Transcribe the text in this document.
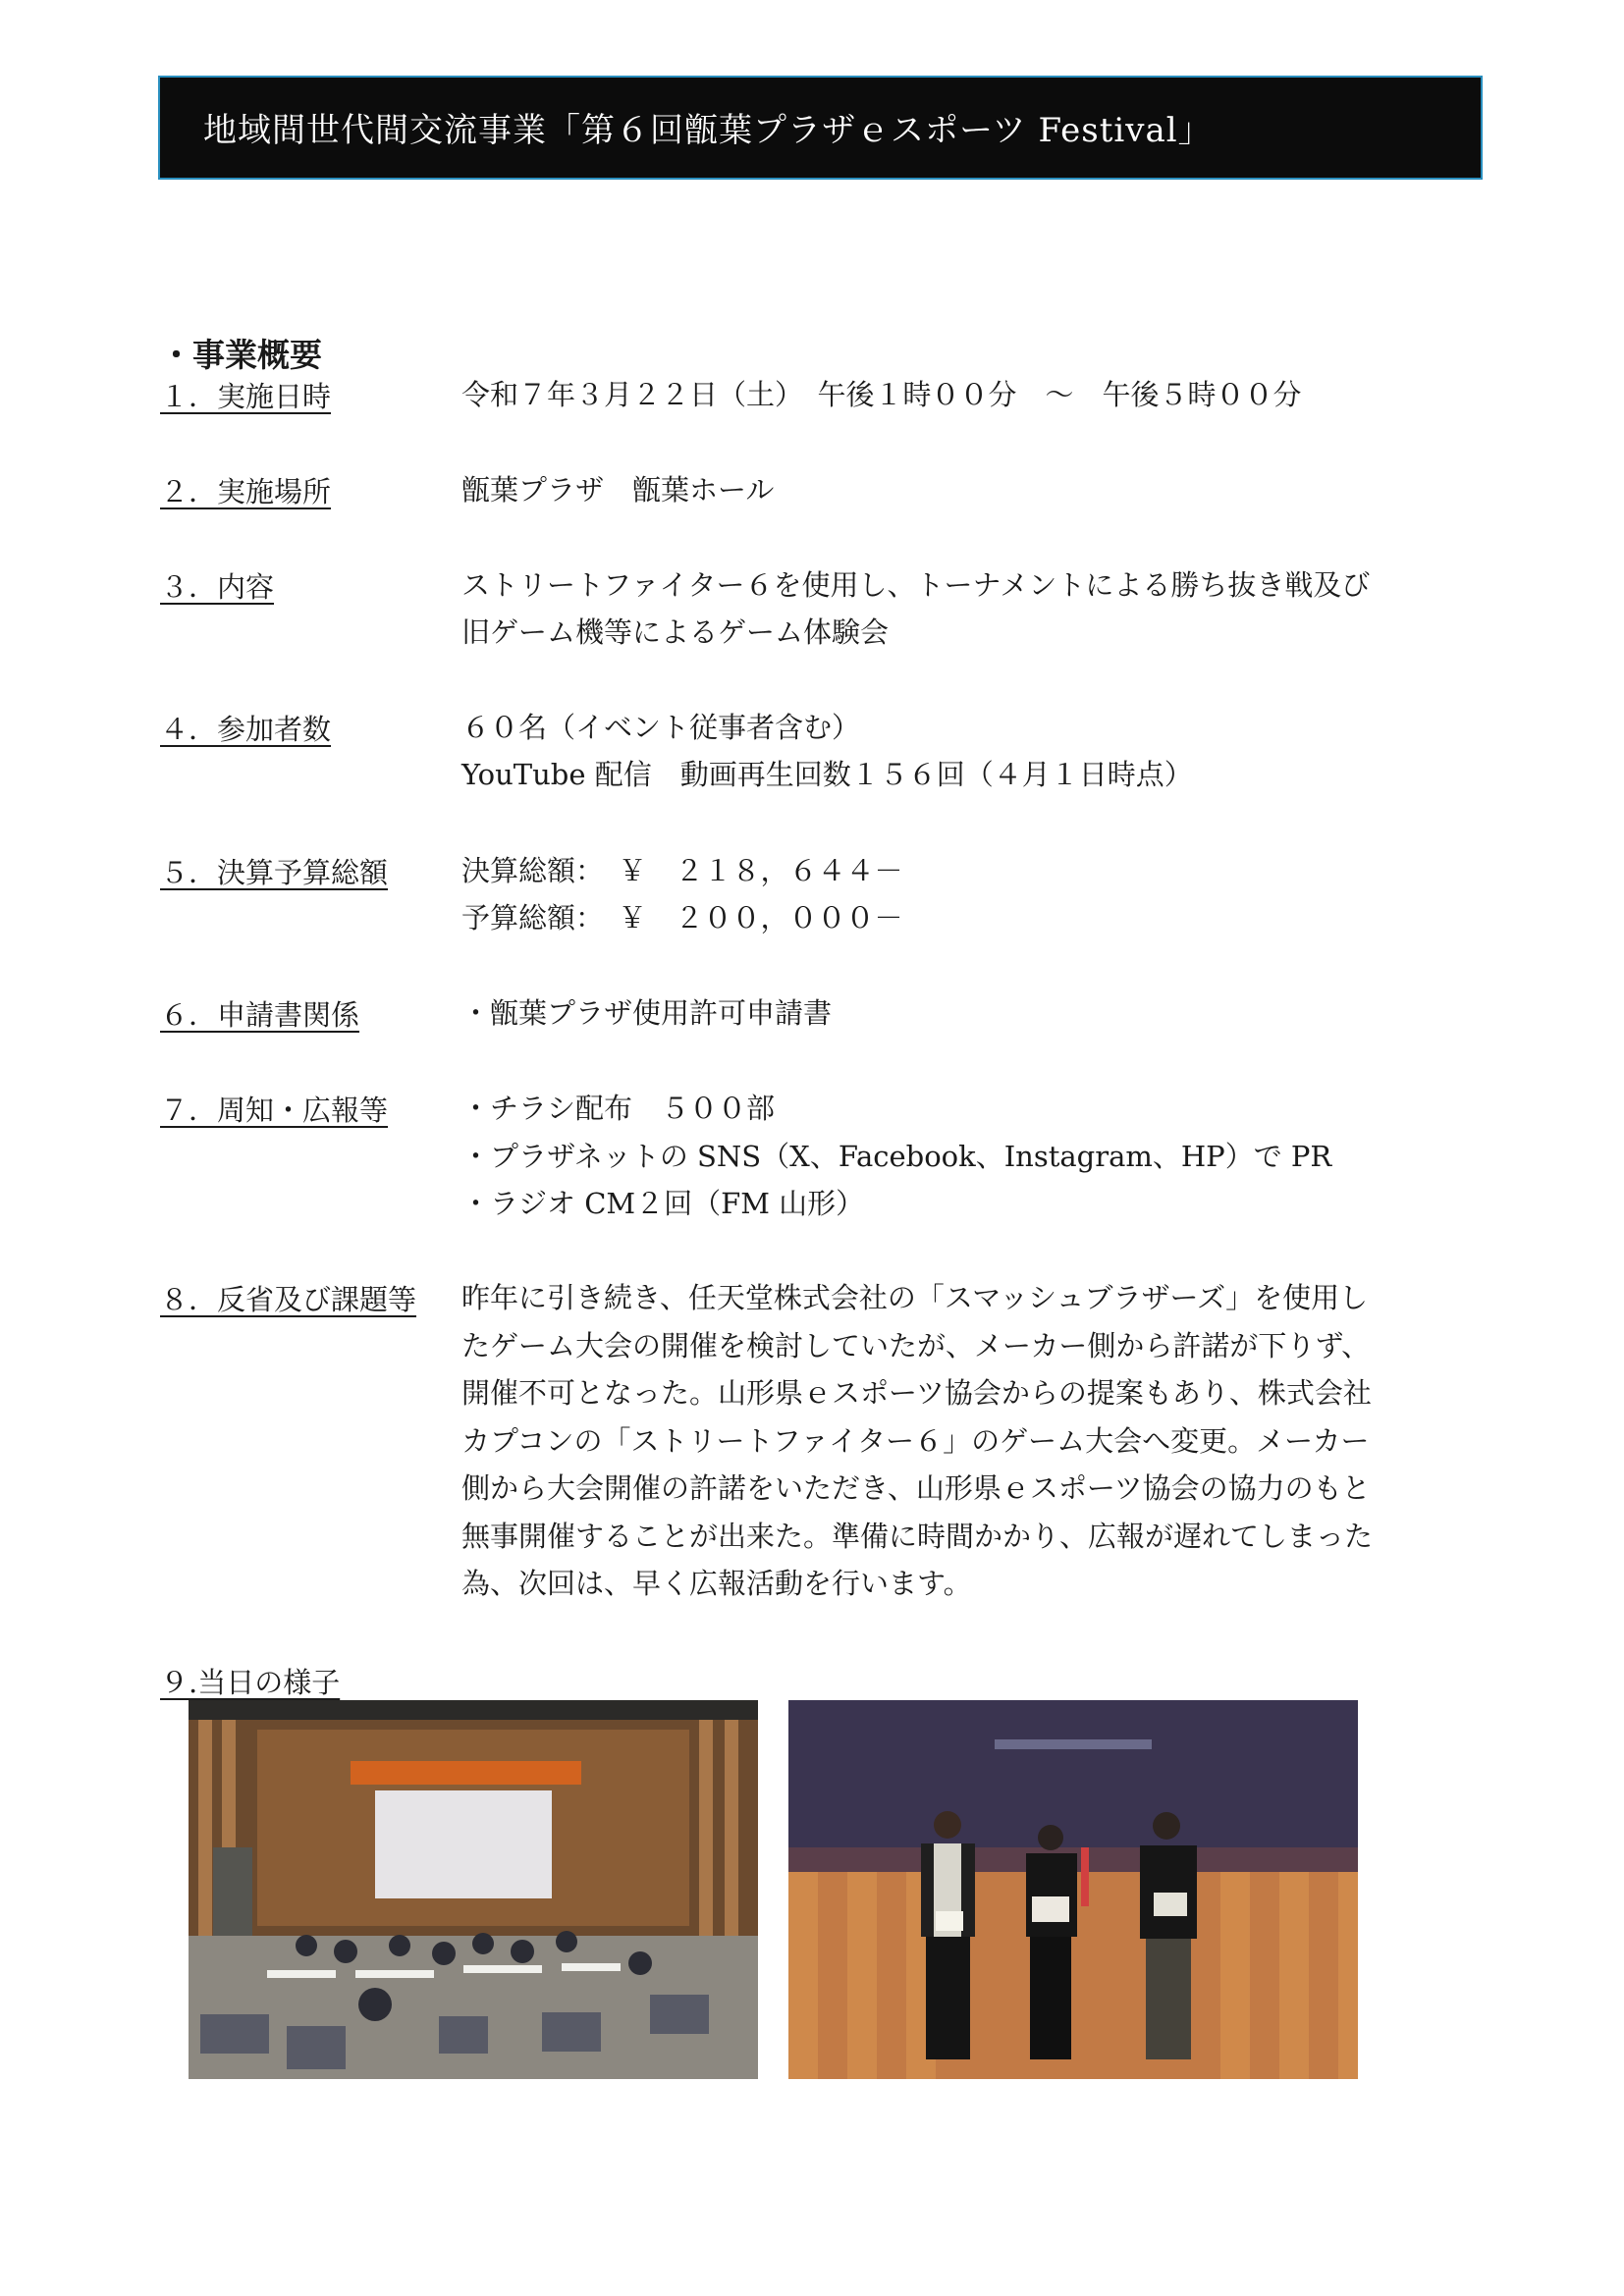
地域間世代間交流事業「第６回甑葉プラザｅスポーツ Festival」
・事業概要
１．実施日時	令和７年３月２２日（土）　午後１時００分　～　午後５時００分
２．実施場所	甑葉プラザ　甑葉ホール
３．内容	ストリートファイター６を使用し、トーナメントによる勝ち抜き戦及び
旧ゲーム機等によるゲーム体験会
４．参加者数	６０名（イベント従事者含む）
YouTube 配信　動画再生回数１５６回（４月１日時点）
５．決算予算総額	決算総額：　￥　２１８，６４４－
予算総額：　￥　２００，０００－
６．申請書関係	・甑葉プラザ使用許可申請書
７．周知・広報等	・チラシ配布　５００部
・プラザネットの SNS（X、Facebook、Instagram、HP）で PR
・ラジオ CM２回（FM 山形）
８．反省及び課題等 昨年に引き続き、任天堂株式会社の「スマッシュブラザーズ」を使用し
たゲーム大会の開催を検討していたが、メーカー側から許諾が下りず、
開催不可となった。山形県ｅスポーツ協会からの提案もあり、株式会社
カプコンの「ストリートファイター６」のゲーム大会へ変更。メーカー
側から大会開催の許諾をいただき、山形県ｅスポーツ協会の協力のもと
無事開催することが出来た。準備に時間かかり、広報が遅れてしまった
為、次回は、早く広報活動を行います。
９.当日の様子
